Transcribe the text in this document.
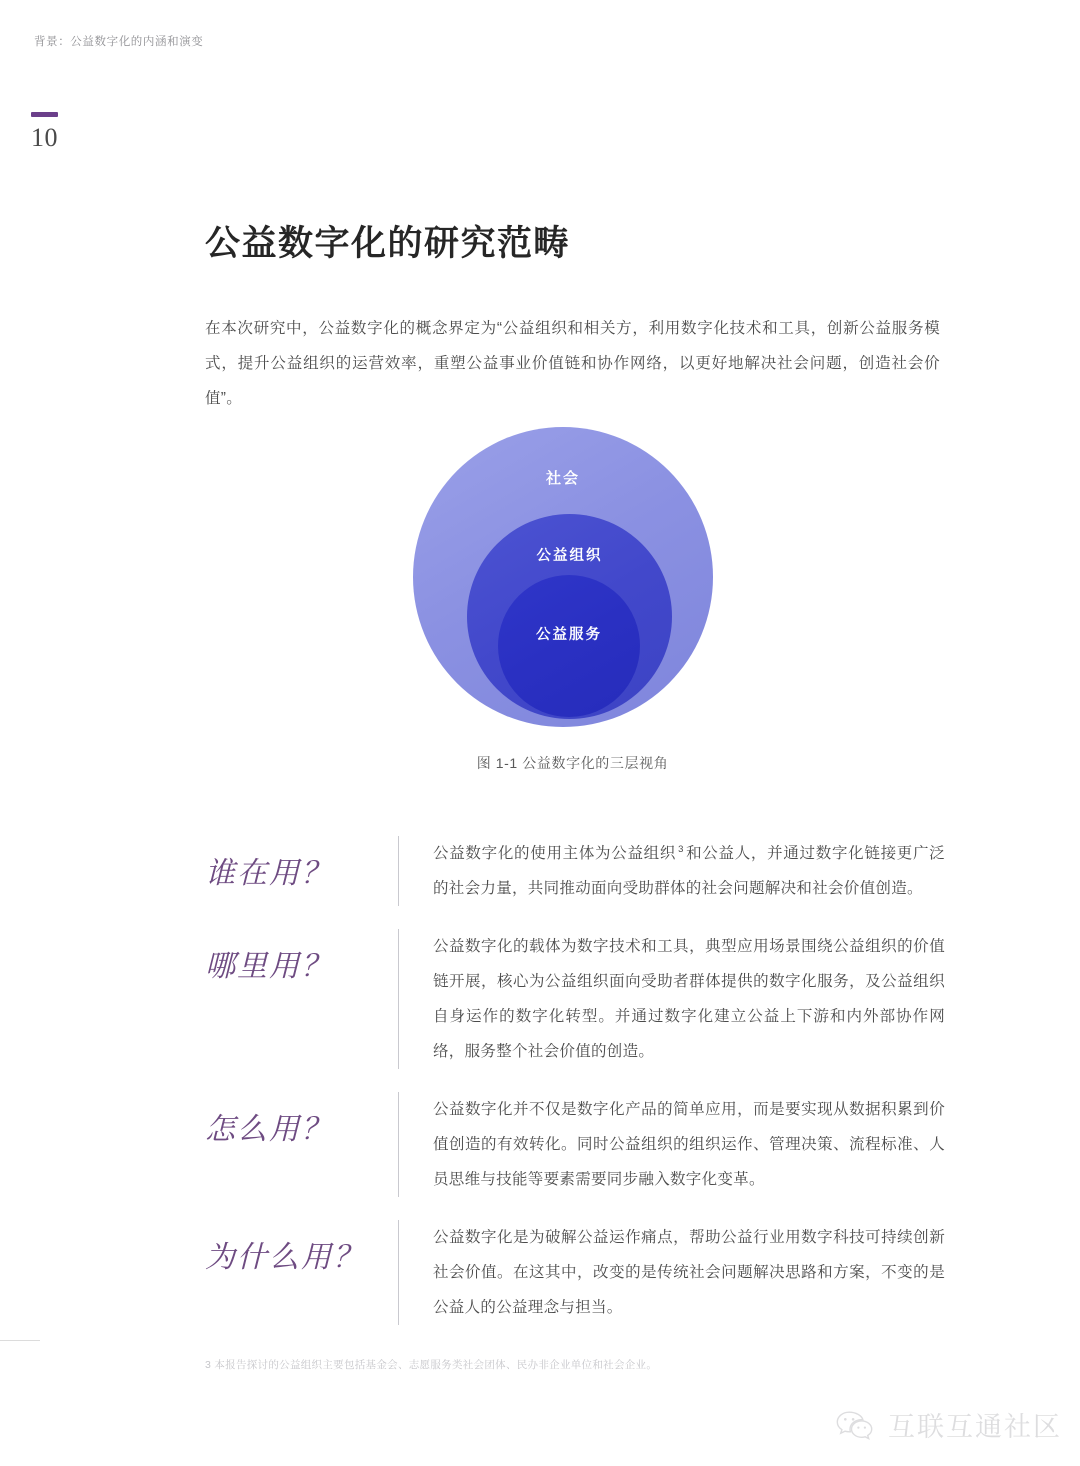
背景：公益数字化的内涵和演变
10
公益数字化的研究范畴

在本次研究中，公益数字化的概念界定为“公益组织和相关方，利用数字化技术和工具，创新公益服务模式，提升公益组织的运营效率，重塑公益事业价值链和协作网络，以更好地解决社会问题，创造社会价值”。

社会
公益组织
公益服务
图 1-1 公益数字化的三层视角
谁在用？
公益数字化的使用主体为公益组织 $^3$ 和公益人，并通过数字化链接更广泛的社会力量，共同推动面向受助群体的社会问题解决和社会价值创造。
哪里用？
公益数字化的载体为数字技术和工具，典型应用场景围绕公益组织的价值链开展，核心为公益组织面向受助者群体提供的数字化服务，及公益组织自身运作的数字化转型。并通过数字化建立公益上下游和内外部协作网络，服务整个社会价值的创造。
怎么用？
公益数字化并不仅是数字化产品的简单应用，而是要实现从数据积累到价值创造的有效转化。同时公益组织的组织运作、管理决策、流程标准、人员思维与技能等要素需要同步融入数字化变革。
为什么用？
公益数字化是为破解公益运作痛点，帮助公益行业用数字科技可持续创新社会价值。在这其中，改变的是传统社会问题解决思路和方案，不变的是公益人的公益理念与担当。
3 本报告探讨的公益组织主要包括基金会、志愿服务类社会团体、民办非企业单位和社会企业。
互联互通社区
